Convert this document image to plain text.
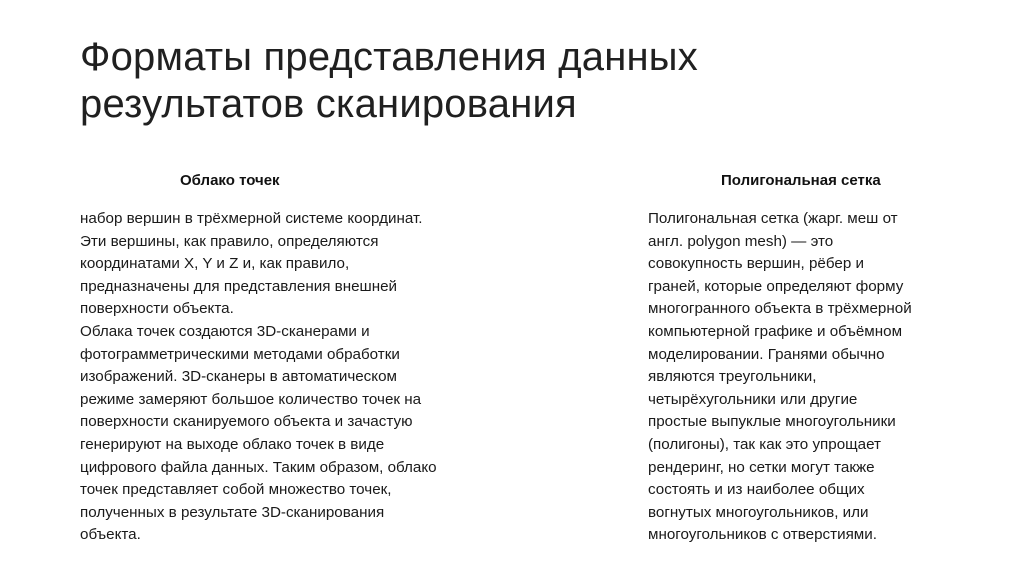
Форматы представления данных
результатов сканирования
Облако точек
набор вершин в трёхмерной системе координат.
Эти вершины, как правило, определяются
координатами X, Y и Z и, как правило,
предназначены для представления внешней
поверхности объекта.
Облака точек создаются 3D-сканерами и
фотограмметрическими методами обработки
изображений. 3D-сканеры в автоматическом
режиме замеряют большое количество точек на
поверхности сканируемого объекта и зачастую
генерируют на выходе облако точек в виде
цифрового файла данных. Таким образом, облако
точек представляет собой множество точек,
полученных в результате 3D-сканирования
объекта.
Полигональная сетка
Полигональная сетка (жарг. меш от
англ. polygon mesh) — это
совокупность вершин, рёбер и
граней, которые определяют форму
многогранного объекта в трёхмерной
компьютерной графике и объёмном
моделировании. Гранями обычно
являются треугольники,
четырёхугольники или другие
простые выпуклые многоугольники
(полигоны), так как это упрощает
рендеринг, но сетки могут также
состоять и из наиболее общих
вогнутых многоугольников, или
многоугольников с отверстиями.
